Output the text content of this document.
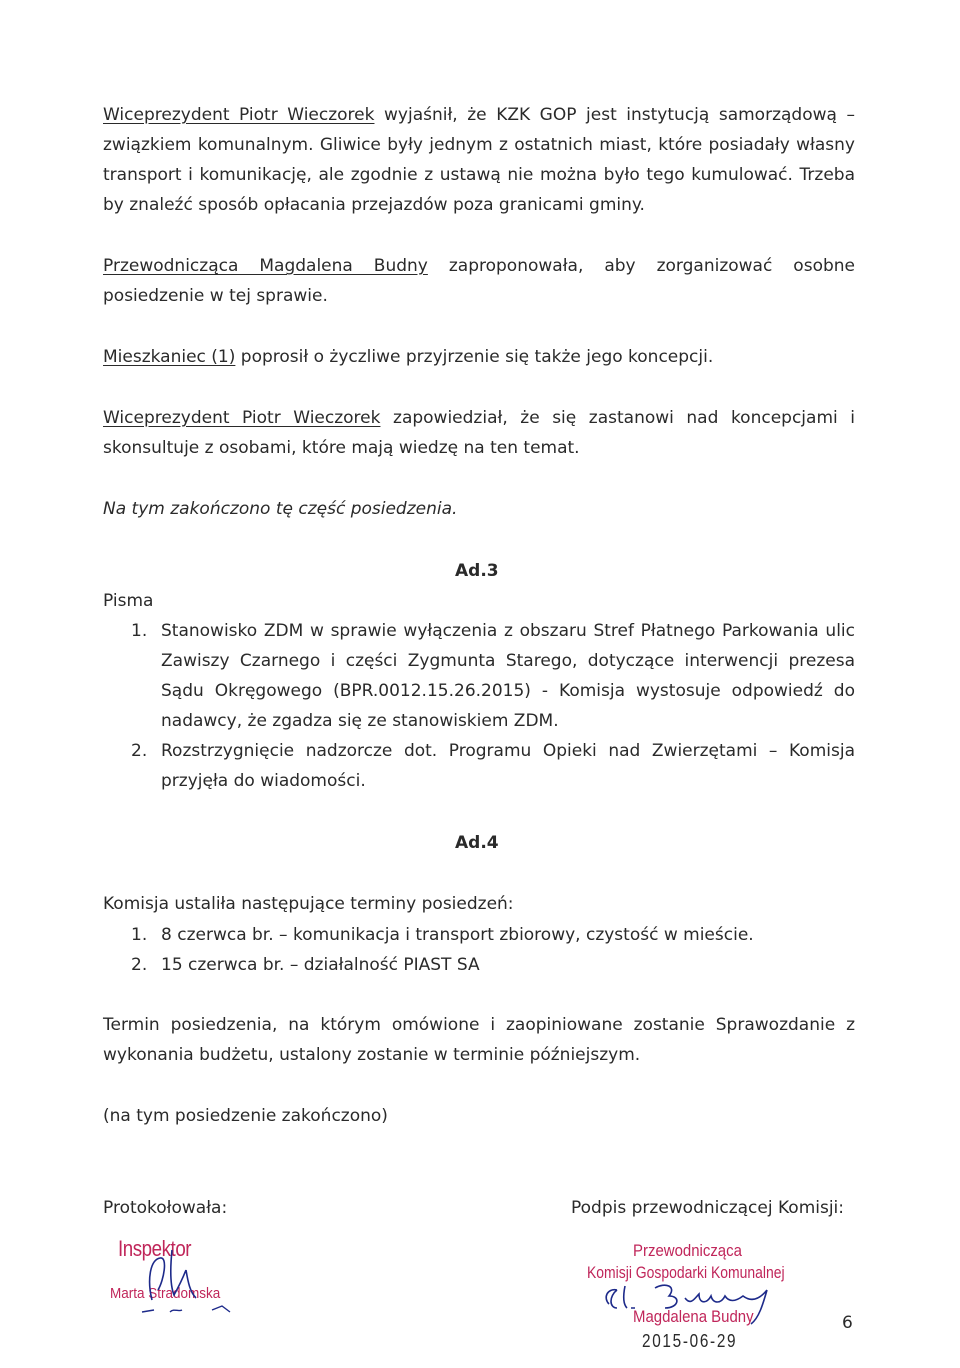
Wiceprezydent Piotr Wieczorek wyjaśnił, że KZK GOP jest instytucją samorządową – związkiem komunalnym. Gliwice były jednym z ostatnich miast, które posiadały własny transport i komunikację, ale zgodnie z ustawą nie można było tego kumulować. Trzeba by znaleźć sposób opłacania przejazdów poza granicami gminy.
Przewodnicząca Magdalena Budny zaproponowała, aby zorganizować osobne posiedzenie w tej sprawie.
Mieszkaniec (1) poprosił o życzliwe przyjrzenie się także jego koncepcji.
Wiceprezydent Piotr Wieczorek zapowiedział, że się zastanowi nad koncepcjami i skonsultuje z osobami, które mają wiedzę na ten temat.
Na tym zakończono tę część posiedzenia.
Ad.3
Pisma
1. Stanowisko ZDM w sprawie wyłączenia z obszaru Stref Płatnego Parkowania ulic Zawiszy Czarnego i części Zygmunta Starego, dotyczące interwencji prezesa Sądu Okręgowego (BPR.0012.15.26.2015) - Komisja wystosuje odpowiedź do nadawcy, że zgadza się ze stanowiskiem ZDM.
2. Rozstrzygnięcie nadzorcze dot. Programu Opieki nad Zwierzętami – Komisja przyjęła do wiadomości.
Ad.4
Komisja ustaliła następujące terminy posiedzeń:
1. 8 czerwca br. – komunikacja i transport zbiorowy, czystość w mieście.
2. 15 czerwca br. – działalność PIAST SA
Termin posiedzenia, na którym omówione i zaopiniowane zostanie Sprawozdanie z wykonania budżetu, ustalony zostanie w terminie późniejszym.
(na tym posiedzenie zakończono)
Protokołowała:	Podpis przewodniczącej Komisji:
Inspektor
Marta Stradomska
Przewodnicząca
Komisji Gospodarki Komunalnej
Magdalena Budny
2015-06-29
6
